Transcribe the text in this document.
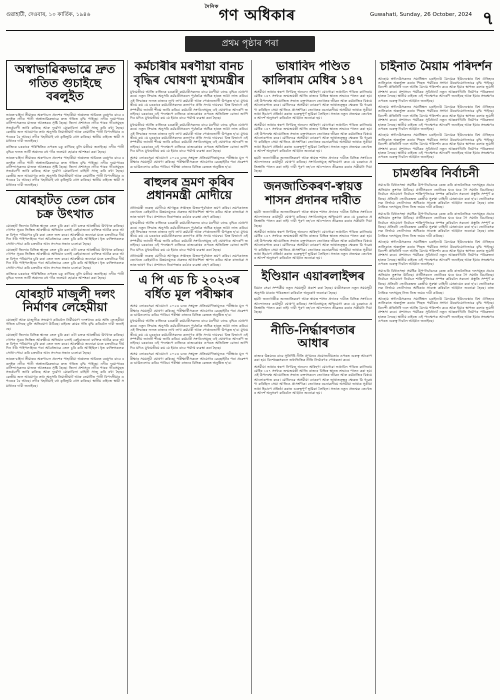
গুৱাহাটী, দেওবাৰ, ১০ কাৰ্তিক, ১৯৪৬
$^{দৈনিক}$গণ অধিকাৰ	Guwahati, Sunday, 26 October, 2024 ৭
প্ৰথম পৃষ্ঠাৰ পৰা
অস্বাভাৱিকভাৱে দ্ৰুত গতিত গুচাইছে বৰলুইত

ভাৰত-চাইনা সীমান্তৰ অৰুণাচল প্ৰদেশৰ পাহাৰীয়া অঞ্চলত অবিৰত বৰষুণৰ বাবে বৰলুইত নদীৰ পানী অস্বাভাৱিকভাৱে দ্ৰুত গতিত বৃদ্ধি পাইছে। নদীৰ দুয়োপাৰৰ বাসিন্দাসকলৰ মাজত আতংকৰ সৃষ্টি হৈছে। জিলা প্ৰশাসনে নদীৰ পাৰৰ গাঁওসমূহত সতৰ্কবাণী জাৰি কৰিছে আৰু দুৰ্যোগ মোকাবিলা বাহিনী সাজু কৰি ৰখা হৈছে। কেন্দ্ৰীয় জল আয়োগৰ তথ্য অনুসৰি নিমাতীঘাট আৰু নেমাটিত পানী বিপদসীমাৰ ওপৰেৰে বৈ আছে। নদীৰ খহনীয়াই বহু কৃষিভূমি গ্ৰাস কৰিছে। স্থানীয় ৰাইজে স্থায়ী সমাধানৰ দাবী জনাইছে।

ৰাজ্যিক চৰকাৰে পৰিস্থিতিৰ ওপৰত চকু ৰাখিছে বুলি মন্ত্ৰীয়ে জনাইছে। নদীৰ পানী বৃদ্ধিৰ ফলত ভাটি অঞ্চলৰ বহু গাঁও জলমগ্ন হোৱাৰ আশংকা কৰা হৈছে।

ভাৰত-চাইনা সীমান্তৰ অৰুণাচল প্ৰদেশৰ পাহাৰীয়া অঞ্চলত অবিৰত বৰষুণৰ বাবে বৰলুইত নদীৰ পানী অস্বাভাৱিকভাৱে দ্ৰুত গতিত বৃদ্ধি পাইছে। নদীৰ দুয়োপাৰৰ বাসিন্দাসকলৰ মাজত আতংকৰ সৃষ্টি হৈছে। জিলা প্ৰশাসনে নদীৰ পাৰৰ গাঁওসমূহত সতৰ্কবাণী জাৰি কৰিছে আৰু দুৰ্যোগ মোকাবিলা বাহিনী সাজু কৰি ৰখা হৈছে। কেন্দ্ৰীয় জল আয়োগৰ তথ্য অনুসৰি নিমাতীঘাট আৰু নেমাটিত পানী বিপদসীমাৰ ওপৰেৰে বৈ আছে। নদীৰ খহনীয়াই বহু কৃষিভূমি গ্ৰাস কৰিছে। স্থানীয় ৰাইজে স্থায়ী সমাধানৰ দাবী জনাইছে।

যোৰহাটত তেল চোৰ চক্ৰ উৎখাত

যোৰহাট জিলাৰ বিভিন্ন স্থানত তেল চুৰি কৰা এটা চক্ৰক আৰক্ষীয়ে উৎখাত কৰিছে। গোপন সূত্ৰৰ ভিত্তিত আৰক্ষীয়ে অভিযান চলাই কেইবাজনো ব্যক্তিক আটক কৰে আৰু বিপুল পৰিমাণৰ চুৰি কৰা তেল জব্দ কৰে। আৰক্ষীয়ে জনোৱা মতে চক্ৰটোৱে দীৰ্ঘদিন ধৰি পাইপলাইনৰ পৰা অবৈধভাৱে তেল চুৰি কৰি আহিছিল। ধৃত ব্যক্তিসকলক সোধা-পোচা কৰি চক্ৰটোৰ আন সদস্যৰ সন্ধান চলোৱা হৈছে।

যোৰহাট জিলাৰ বিভিন্ন স্থানত তেল চুৰি কৰা এটা চক্ৰক আৰক্ষীয়ে উৎখাত কৰিছে। গোপন সূত্ৰৰ ভিত্তিত আৰক্ষীয়ে অভিযান চলাই কেইবাজনো ব্যক্তিক আটক কৰে আৰু বিপুল পৰিমাণৰ চুৰি কৰা তেল জব্দ কৰে। আৰক্ষীয়ে জনোৱা মতে চক্ৰটোৱে দীৰ্ঘদিন ধৰি পাইপলাইনৰ পৰা অবৈধভাৱে তেল চুৰি কৰি আহিছিল। ধৃত ব্যক্তিসকলক সোধা-পোচা কৰি চক্ৰটোৰ আন সদস্যৰ সন্ধান চলোৱা হৈছে।

ৰাজ্যিক চৰকাৰে পৰিস্থিতিৰ ওপৰত চকু ৰাখিছে বুলি মন্ত্ৰীয়ে জনাইছে। নদীৰ পানী বৃদ্ধিৰ ফলত ভাটি অঞ্চলৰ বহু গাঁও জলমগ্ন হোৱাৰ আশংকা কৰা হৈছে।

যোৰহাট মাজুলী দলং নিৰ্মাণৰ লেহেমীয়া

যোৰহাট আৰু মাজুলীক সংযোগ কৰিবলৈ নিৰ্মীয়মাণ দলংখনৰ কাম অতি লেহেমীয়া গতিত চলিছে বুলি অভিযোগ উঠিছে। ৰাইজে কামৰ গতি বৃদ্ধি কৰিবলৈ দাবী জনাইছে।

যোৰহাট জিলাৰ বিভিন্ন স্থানত তেল চুৰি কৰা এটা চক্ৰক আৰক্ষীয়ে উৎখাত কৰিছে। গোপন সূত্ৰৰ ভিত্তিত আৰক্ষীয়ে অভিযান চলাই কেইবাজনো ব্যক্তিক আটক কৰে আৰু বিপুল পৰিমাণৰ চুৰি কৰা তেল জব্দ কৰে। আৰক্ষীয়ে জনোৱা মতে চক্ৰটোৱে দীৰ্ঘদিন ধৰি পাইপলাইনৰ পৰা অবৈধভাৱে তেল চুৰি কৰি আহিছিল। ধৃত ব্যক্তিসকলক সোধা-পোচা কৰি চক্ৰটোৰ আন সদস্যৰ সন্ধান চলোৱা হৈছে।

ভাৰত-চাইনা সীমান্তৰ অৰুণাচল প্ৰদেশৰ পাহাৰীয়া অঞ্চলত অবিৰত বৰষুণৰ বাবে বৰলুইত নদীৰ পানী অস্বাভাৱিকভাৱে দ্ৰুত গতিত বৃদ্ধি পাইছে। নদীৰ দুয়োপাৰৰ বাসিন্দাসকলৰ মাজত আতংকৰ সৃষ্টি হৈছে। জিলা প্ৰশাসনে নদীৰ পাৰৰ গাঁওসমূহত সতৰ্কবাণী জাৰি কৰিছে আৰু দুৰ্যোগ মোকাবিলা বাহিনী সাজু কৰি ৰখা হৈছে। কেন্দ্ৰীয় জল আয়োগৰ তথ্য অনুসৰি নিমাতীঘাট আৰু নেমাটিত পানী বিপদসীমাৰ ওপৰেৰে বৈ আছে। নদীৰ খহনীয়াই বহু কৃষিভূমি গ্ৰাস কৰিছে। স্থানীয় ৰাইজে স্থায়ী সমাধানৰ দাবী জনাইছে।

কৰ্মচাৰীৰ মৰণীয়া বানচ বৃদ্ধিৰ ঘোষণা মুখ্যমন্ত্ৰীৰ

মুখ্যমন্ত্ৰীয়ে আজি ৰাজ্যিক চৰকাৰী কৰ্মচাৰীসকলৰ বাবে মৰণীয়া বানচ বৃদ্ধিৰ ঘোষণা কৰে। নতুন সিদ্ধান্ত অনুসৰি কৰ্মচাৰীসকলে পূৰ্বতকৈ অধিক হাৰত ভাট্টা লাভ কৰিব। এই সিদ্ধান্তৰ ফলত ৰাজ্যৰ লাখ লাখ কৰ্মচাৰী আৰু পেঞ্চনভোগী উপকৃত হ'ব। মুখ্যমন্ত্ৰীয়ে কয় যে চৰকাৰে কৰ্মচাৰীসকলৰ কল্যাণৰ প্ৰতি সদায় দায়বদ্ধ। বিত্ত বিভাগে এই সম্পৰ্কীয় জাননী শীঘ্ৰে জাৰি কৰিব। কৰ্মচাৰী সংগঠনসমূহে এই ঘোষণাক আদৰণি জনাইছে। চৰকাৰৰ এই পদক্ষেপে ৰাজ্যিক ৰাজকোষৰ ওপৰত অতিৰিক্ত বোজা জাপি দিব যদিও মুখ্যমন্ত্ৰীয়ে কয় যে ইয়াৰ বাবে পৰ্যাপ্ত ব্যৱস্থা কৰা হৈছে।

মুখ্যমন্ত্ৰীয়ে আজি ৰাজ্যিক চৰকাৰী কৰ্মচাৰীসকলৰ বাবে মৰণীয়া বানচ বৃদ্ধিৰ ঘোষণা কৰে। নতুন সিদ্ধান্ত অনুসৰি কৰ্মচাৰীসকলে পূৰ্বতকৈ অধিক হাৰত ভাট্টা লাভ কৰিব। এই সিদ্ধান্তৰ ফলত ৰাজ্যৰ লাখ লাখ কৰ্মচাৰী আৰু পেঞ্চনভোগী উপকৃত হ'ব। মুখ্যমন্ত্ৰীয়ে কয় যে চৰকাৰে কৰ্মচাৰীসকলৰ কল্যাণৰ প্ৰতি সদায় দায়বদ্ধ। বিত্ত বিভাগে এই সম্পৰ্কীয় জাননী শীঘ্ৰে জাৰি কৰিব। কৰ্মচাৰী সংগঠনসমূহে এই ঘোষণাক আদৰণি জনাইছে। চৰকাৰৰ এই পদক্ষেপে ৰাজ্যিক ৰাজকোষৰ ওপৰত অতিৰিক্ত বোজা জাপি দিব যদিও মুখ্যমন্ত্ৰীয়ে কয় যে ইয়াৰ বাবে পৰ্যাপ্ত ব্যৱস্থা কৰা হৈছে।

অসম লোকসেৱা আয়োগে ২০২৩ চনৰ সংযুক্ত প্ৰতিযোগিতামূলক পৰীক্ষাৰ মূল পৰীক্ষাৰ সময়সূচী ঘোষণা কৰিছে। পৰীক্ষাৰ্থীসকলে আয়োগৰ ৱেবছাইটৰ পৰা প্ৰৱেশপত্ৰ ডাউনলোড কৰিব পাৰিব। পৰীক্ষা ৰাজ্যৰ বিভিন্ন কেন্দ্ৰত অনুষ্ঠিত হ'ব।

ৰাহুলৰ ভ্ৰমণ কৰিব প্ৰধানমন্ত্ৰী মোদীয়ে

প্ৰধানমন্ত্ৰী নৰেন্দ্ৰ মোদীয়ে আগন্তুক সপ্তাহত উত্তৰ-পূৰ্বাঞ্চল ভ্ৰমণ কৰিব। ভ্ৰমণকালত তেখেতে কেইবাটাও উন্নয়নমূলক প্ৰকল্পৰ আধাৰশিলা স্থাপন কৰিব আৰু ৰাজহুৱা সভাত ভাষণ দিব। প্ৰশাসনে নিৰাপত্তাৰ কঠোৰ ব্যৱস্থা গ্ৰহণ কৰিছে।

মুখ্যমন্ত্ৰীয়ে আজি ৰাজ্যিক চৰকাৰী কৰ্মচাৰীসকলৰ বাবে মৰণীয়া বানচ বৃদ্ধিৰ ঘোষণা কৰে। নতুন সিদ্ধান্ত অনুসৰি কৰ্মচাৰীসকলে পূৰ্বতকৈ অধিক হাৰত ভাট্টা লাভ কৰিব। এই সিদ্ধান্তৰ ফলত ৰাজ্যৰ লাখ লাখ কৰ্মচাৰী আৰু পেঞ্চনভোগী উপকৃত হ'ব। মুখ্যমন্ত্ৰীয়ে কয় যে চৰকাৰে কৰ্মচাৰীসকলৰ কল্যাণৰ প্ৰতি সদায় দায়বদ্ধ। বিত্ত বিভাগে এই সম্পৰ্কীয় জাননী শীঘ্ৰে জাৰি কৰিব। কৰ্মচাৰী সংগঠনসমূহে এই ঘোষণাক আদৰণি জনাইছে। চৰকাৰৰ এই পদক্ষেপে ৰাজ্যিক ৰাজকোষৰ ওপৰত অতিৰিক্ত বোজা জাপি দিব যদিও মুখ্যমন্ত্ৰীয়ে কয় যে ইয়াৰ বাবে পৰ্যাপ্ত ব্যৱস্থা কৰা হৈছে।

প্ৰধানমন্ত্ৰী নৰেন্দ্ৰ মোদীয়ে আগন্তুক সপ্তাহত উত্তৰ-পূৰ্বাঞ্চল ভ্ৰমণ কৰিব। ভ্ৰমণকালত তেখেতে কেইবাটাও উন্নয়নমূলক প্ৰকল্পৰ আধাৰশিলা স্থাপন কৰিব আৰু ৰাজহুৱা সভাত ভাষণ দিব। প্ৰশাসনে নিৰাপত্তাৰ কঠোৰ ব্যৱস্থা গ্ৰহণ কৰিছে।

এ পি এচ চি ২০২৩ৰ বৰ্ধিত মূল পৰীক্ষাৰ

অসম লোকসেৱা আয়োগে ২০২৩ চনৰ সংযুক্ত প্ৰতিযোগিতামূলক পৰীক্ষাৰ মূল পৰীক্ষাৰ সময়সূচী ঘোষণা কৰিছে। পৰীক্ষাৰ্থীসকলে আয়োগৰ ৱেবছাইটৰ পৰা প্ৰৱেশপত্ৰ ডাউনলোড কৰিব পাৰিব। পৰীক্ষা ৰাজ্যৰ বিভিন্ন কেন্দ্ৰত অনুষ্ঠিত হ'ব।

মুখ্যমন্ত্ৰীয়ে আজি ৰাজ্যিক চৰকাৰী কৰ্মচাৰীসকলৰ বাবে মৰণীয়া বানচ বৃদ্ধিৰ ঘোষণা কৰে। নতুন সিদ্ধান্ত অনুসৰি কৰ্মচাৰীসকলে পূৰ্বতকৈ অধিক হাৰত ভাট্টা লাভ কৰিব। এই সিদ্ধান্তৰ ফলত ৰাজ্যৰ লাখ লাখ কৰ্মচাৰী আৰু পেঞ্চনভোগী উপকৃত হ'ব। মুখ্যমন্ত্ৰীয়ে কয় যে চৰকাৰে কৰ্মচাৰীসকলৰ কল্যাণৰ প্ৰতি সদায় দায়বদ্ধ। বিত্ত বিভাগে এই সম্পৰ্কীয় জাননী শীঘ্ৰে জাৰি কৰিব। কৰ্মচাৰী সংগঠনসমূহে এই ঘোষণাক আদৰণি জনাইছে। চৰকাৰৰ এই পদক্ষেপে ৰাজ্যিক ৰাজকোষৰ ওপৰত অতিৰিক্ত বোজা জাপি দিব যদিও মুখ্যমন্ত্ৰীয়ে কয় যে ইয়াৰ বাবে পৰ্যাপ্ত ব্যৱস্থা কৰা হৈছে।

অসম লোকসেৱা আয়োগে ২০২৩ চনৰ সংযুক্ত প্ৰতিযোগিতামূলক পৰীক্ষাৰ মূল পৰীক্ষাৰ সময়সূচী ঘোষণা কৰিছে। পৰীক্ষাৰ্থীসকলে আয়োগৰ ৱেবছাইটৰ পৰা প্ৰৱেশপত্ৰ ডাউনলোড কৰিব পাৰিব। পৰীক্ষা ৰাজ্যৰ বিভিন্ন কেন্দ্ৰত অনুষ্ঠিত হ'ব।

ভাষাবিদ পণ্ডিত কালিৰাম মেধিৰ ১৪৭

অসমীয়া ভাষাৰ স্বৰূপ নিৰ্ণয়ত অনবদ্য অৰিহণা যোগোৱা ভাষাবিদ পণ্ডিত কালিৰাম মেধিৰ ১৪৭ সংখ্যক জন্মজয়ন্তী আজি ৰাজ্যৰ বিভিন্ন স্থানত শ্ৰদ্ধাৰে পালন কৰা হয়। এই উপলক্ষে আয়োজিত সভাত বক্তাসকলে তেখেতৰ জীৱন আৰু কৰ্মৰাজিৰ বিষয়ে আলোকপাত কৰে। মেধিদেৱে অসমীয়া ব্যাকৰণ আৰু ভাষাতত্ত্বৰ ক্ষেত্ৰত যি গৱেষণা কৰিছিল সেয়া আজিও প্ৰাসংগিক। তেখেতৰ ৰচনাৱলীয়ে অসমীয়া ভাষাক সুকীয়া ভাষা হিচাপে প্ৰতিষ্ঠা কৰাত গুৰুত্বপূৰ্ণ ভূমিকা লৈছিল। সভাত নতুন প্ৰজন্মক তেখেতৰ আদৰ্শ অনুসৰণ কৰিবলৈ আহ্বান জনোৱা হয়।

অসমীয়া ভাষাৰ স্বৰূপ নিৰ্ণয়ত অনবদ্য অৰিহণা যোগোৱা ভাষাবিদ পণ্ডিত কালিৰাম মেধিৰ ১৪৭ সংখ্যক জন্মজয়ন্তী আজি ৰাজ্যৰ বিভিন্ন স্থানত শ্ৰদ্ধাৰে পালন কৰা হয়। এই উপলক্ষে আয়োজিত সভাত বক্তাসকলে তেখেতৰ জীৱন আৰু কৰ্মৰাজিৰ বিষয়ে আলোকপাত কৰে। মেধিদেৱে অসমীয়া ব্যাকৰণ আৰু ভাষাতত্ত্বৰ ক্ষেত্ৰত যি গৱেষণা কৰিছিল সেয়া আজিও প্ৰাসংগিক। তেখেতৰ ৰচনাৱলীয়ে অসমীয়া ভাষাক সুকীয়া ভাষা হিচাপে প্ৰতিষ্ঠা কৰাত গুৰুত্বপূৰ্ণ ভূমিকা লৈছিল। সভাত নতুন প্ৰজন্মক তেখেতৰ আদৰ্শ অনুসৰণ কৰিবলৈ আহ্বান জনোৱা হয়।

ছয়টা জনগোষ্ঠীক জনজাতিকৰণ আৰু স্বায়ত্ত শাসন প্ৰদানৰ দাবীত বিভিন্ন সংগঠনে আন্দোলনৰ কাৰ্যসূচী ঘোষণা কৰিছে। সংগঠনসমূহে অভিযোগ কৰে যে চৰকাৰে প্ৰতিশ্ৰুতি পালন কৰা নাই। দাবী পূৰণ নহ'লে আন্দোলন তীব্ৰতৰ কৰাৰ সকীয়নি দিয়া হৈছে।

জনজাতিকৰণ-স্বায়ত্ত শাসন প্ৰদানৰ দাবীত

ছয়টা জনগোষ্ঠীক জনজাতিকৰণ আৰু স্বায়ত্ত শাসন প্ৰদানৰ দাবীত বিভিন্ন সংগঠনে আন্দোলনৰ কাৰ্যসূচী ঘোষণা কৰিছে। সংগঠনসমূহে অভিযোগ কৰে যে চৰকাৰে প্ৰতিশ্ৰুতি পালন কৰা নাই। দাবী পূৰণ নহ'লে আন্দোলন তীব্ৰতৰ কৰাৰ সকীয়নি দিয়া হৈছে।

অসমীয়া ভাষাৰ স্বৰূপ নিৰ্ণয়ত অনবদ্য অৰিহণা যোগোৱা ভাষাবিদ পণ্ডিত কালিৰাম মেধিৰ ১৪৭ সংখ্যক জন্মজয়ন্তী আজি ৰাজ্যৰ বিভিন্ন স্থানত শ্ৰদ্ধাৰে পালন কৰা হয়। এই উপলক্ষে আয়োজিত সভাত বক্তাসকলে তেখেতৰ জীৱন আৰু কৰ্মৰাজিৰ বিষয়ে আলোকপাত কৰে। মেধিদেৱে অসমীয়া ব্যাকৰণ আৰু ভাষাতত্ত্বৰ ক্ষেত্ৰত যি গৱেষণা কৰিছিল সেয়া আজিও প্ৰাসংগিক। তেখেতৰ ৰচনাৱলীয়ে অসমীয়া ভাষাক সুকীয়া ভাষা হিচাপে প্ৰতিষ্ঠা কৰাত গুৰুত্বপূৰ্ণ ভূমিকা লৈছিল। সভাত নতুন প্ৰজন্মক তেখেতৰ আদৰ্শ অনুসৰণ কৰিবলৈ আহ্বান জনোৱা হয়।

ইণ্ডিয়ান এয়াৰলাইন্সৰ

বিমান সেৱা সম্পৰ্কীয় নতুন সময়সূচী প্ৰকাশ কৰা হৈছে। যাত্ৰীসকলে নতুন সময়সূচী অনুসৰি যাত্ৰাৰ পৰিকল্পনা কৰিবলৈ অনুৰোধ জনোৱা হৈছে।

ছয়টা জনগোষ্ঠীক জনজাতিকৰণ আৰু স্বায়ত্ত শাসন প্ৰদানৰ দাবীত বিভিন্ন সংগঠনে আন্দোলনৰ কাৰ্যসূচী ঘোষণা কৰিছে। সংগঠনসমূহে অভিযোগ কৰে যে চৰকাৰে প্ৰতিশ্ৰুতি পালন কৰা নাই। দাবী পূৰণ নহ'লে আন্দোলন তীব্ৰতৰ কৰাৰ সকীয়নি দিয়া হৈছে।

নীতি-নিৰ্দ্ধাৰণতাৰ আধাৰ

ৰাজ্যৰ উন্নয়নৰ বাবে সুনিৰ্দিষ্ট নীতি প্ৰণয়নৰ প্ৰয়োজনীয়তাৰ ওপৰত গুৰুত্ব আৰোপ কৰা হয়। বিশেষজ্ঞসকলে তথ্যভিত্তিক নীতি নিৰ্দ্ধাৰণৰ পোষকতা কৰে।

অসমীয়া ভাষাৰ স্বৰূপ নিৰ্ণয়ত অনবদ্য অৰিহণা যোগোৱা ভাষাবিদ পণ্ডিত কালিৰাম মেধিৰ ১৪৭ সংখ্যক জন্মজয়ন্তী আজি ৰাজ্যৰ বিভিন্ন স্থানত শ্ৰদ্ধাৰে পালন কৰা হয়। এই উপলক্ষে আয়োজিত সভাত বক্তাসকলে তেখেতৰ জীৱন আৰু কৰ্মৰাজিৰ বিষয়ে আলোকপাত কৰে। মেধিদেৱে অসমীয়া ব্যাকৰণ আৰু ভাষাতত্ত্বৰ ক্ষেত্ৰত যি গৱেষণা কৰিছিল সেয়া আজিও প্ৰাসংগিক। তেখেতৰ ৰচনাৱলীয়ে অসমীয়া ভাষাক সুকীয়া ভাষা হিচাপে প্ৰতিষ্ঠা কৰাত গুৰুত্বপূৰ্ণ ভূমিকা লৈছিল। সভাত নতুন প্ৰজন্মক তেখেতৰ আদৰ্শ অনুসৰণ কৰিবলৈ আহ্বান জনোৱা হয়।

চাইনাত মৈয়াম পৰিদৰ্শন

আহোম স্বৰ্গদেউসকলৰ সমাধিস্থল চৰাইদেউ মৈদামক ইউনেস্কোৰ বিশ্ব ঐতিহ্যৰ তালিকাত অন্তৰ্ভুক্ত কৰাৰ পিছত পৰ্যটকৰ সংখ্যা উল্লেখযোগ্যভাৱে বৃদ্ধি পাইছে। বিদেশী প্ৰতিনিধি দলে আজি মৈদাম পৰিদৰ্শন কৰে আৰু ইয়াৰ স্থাপত্য কলাৰ ভূয়সী প্ৰশংসা কৰে। প্ৰশাসনে পৰ্যটকৰ সুবিধাৰ্থে নতুন আন্তঃগাঁথনি নিৰ্মাণৰ পৰিকল্পনা হাতত লৈছে। স্থানীয় ৰাইজে এই পদক্ষেপক আদৰণি জনাইছে আৰু ইয়াৰ সংৰক্ষণৰ ওপৰত গুৰুত্ব দিবলৈ আহ্বান জনাইছে।

আহোম স্বৰ্গদেউসকলৰ সমাধিস্থল চৰাইদেউ মৈদামক ইউনেস্কোৰ বিশ্ব ঐতিহ্যৰ তালিকাত অন্তৰ্ভুক্ত কৰাৰ পিছত পৰ্যটকৰ সংখ্যা উল্লেখযোগ্যভাৱে বৃদ্ধি পাইছে। বিদেশী প্ৰতিনিধি দলে আজি মৈদাম পৰিদৰ্শন কৰে আৰু ইয়াৰ স্থাপত্য কলাৰ ভূয়সী প্ৰশংসা কৰে। প্ৰশাসনে পৰ্যটকৰ সুবিধাৰ্থে নতুন আন্তঃগাঁথনি নিৰ্মাণৰ পৰিকল্পনা হাতত লৈছে। স্থানীয় ৰাইজে এই পদক্ষেপক আদৰণি জনাইছে আৰু ইয়াৰ সংৰক্ষণৰ ওপৰত গুৰুত্ব দিবলৈ আহ্বান জনাইছে।

আহোম স্বৰ্গদেউসকলৰ সমাধিস্থল চৰাইদেউ মৈদামক ইউনেস্কোৰ বিশ্ব ঐতিহ্যৰ তালিকাত অন্তৰ্ভুক্ত কৰাৰ পিছত পৰ্যটকৰ সংখ্যা উল্লেখযোগ্যভাৱে বৃদ্ধি পাইছে। বিদেশী প্ৰতিনিধি দলে আজি মৈদাম পৰিদৰ্শন কৰে আৰু ইয়াৰ স্থাপত্য কলাৰ ভূয়সী প্ৰশংসা কৰে। প্ৰশাসনে পৰ্যটকৰ সুবিধাৰ্থে নতুন আন্তঃগাঁথনি নিৰ্মাণৰ পৰিকল্পনা হাতত লৈছে। স্থানীয় ৰাইজে এই পদক্ষেপক আদৰণি জনাইছে আৰু ইয়াৰ সংৰক্ষণৰ ওপৰত গুৰুত্ব দিবলৈ আহ্বান জনাইছে।

চামগুৰিৰ নিৰ্বাচনী

সমাগুৰি বিধানসভা সমষ্টিৰ উপ-নিৰ্বাচনক কেন্দ্ৰ কৰি ৰাজনৈতিক দলসমূহৰ প্ৰচাৰ অভিযান তুংগত উঠিছে। প্ৰাৰ্থীসকলে ভোটাৰৰ ঘৰে ঘৰে গৈ সমৰ্থন বিচাৰিছে। নিৰ্বাচন আয়োগে নিৰ্বাচন শান্তিপূৰ্ণভাৱে সম্পন্ন কৰিবলৈ সকলো প্ৰস্তুতি সম্পূৰ্ণ কৰিছে। প্ৰতিটো ভোটকেন্দ্ৰত কেন্দ্ৰীয় সুৰক্ষা বাহিনী মোতায়েন কৰা হ'ব। ভোটাৰসকলক নিৰ্ভয়ে ভোটদানৰ অধিকাৰ সাব্যস্ত কৰিবলৈ আহ্বান জনোৱা হৈছে। ৰাজনৈতিক দলসমূহে নিজ নিজ জয়ৰ দাবী কৰিছে।

সমাগুৰি বিধানসভা সমষ্টিৰ উপ-নিৰ্বাচনক কেন্দ্ৰ কৰি ৰাজনৈতিক দলসমূহৰ প্ৰচাৰ অভিযান তুংগত উঠিছে। প্ৰাৰ্থীসকলে ভোটাৰৰ ঘৰে ঘৰে গৈ সমৰ্থন বিচাৰিছে। নিৰ্বাচন আয়োগে নিৰ্বাচন শান্তিপূৰ্ণভাৱে সম্পন্ন কৰিবলৈ সকলো প্ৰস্তুতি সম্পূৰ্ণ কৰিছে। প্ৰতিটো ভোটকেন্দ্ৰত কেন্দ্ৰীয় সুৰক্ষা বাহিনী মোতায়েন কৰা হ'ব। ভোটাৰসকলক নিৰ্ভয়ে ভোটদানৰ অধিকাৰ সাব্যস্ত কৰিবলৈ আহ্বান জনোৱা হৈছে। ৰাজনৈতিক দলসমূহে নিজ নিজ জয়ৰ দাবী কৰিছে।

আহোম স্বৰ্গদেউসকলৰ সমাধিস্থল চৰাইদেউ মৈদামক ইউনেস্কোৰ বিশ্ব ঐতিহ্যৰ তালিকাত অন্তৰ্ভুক্ত কৰাৰ পিছত পৰ্যটকৰ সংখ্যা উল্লেখযোগ্যভাৱে বৃদ্ধি পাইছে। বিদেশী প্ৰতিনিধি দলে আজি মৈদাম পৰিদৰ্শন কৰে আৰু ইয়াৰ স্থাপত্য কলাৰ ভূয়সী প্ৰশংসা কৰে। প্ৰশাসনে পৰ্যটকৰ সুবিধাৰ্থে নতুন আন্তঃগাঁথনি নিৰ্মাণৰ পৰিকল্পনা হাতত লৈছে। স্থানীয় ৰাইজে এই পদক্ষেপক আদৰণি জনাইছে আৰু ইয়াৰ সংৰক্ষণৰ ওপৰত গুৰুত্ব দিবলৈ আহ্বান জনাইছে।

সমাগুৰি বিধানসভা সমষ্টিৰ উপ-নিৰ্বাচনক কেন্দ্ৰ কৰি ৰাজনৈতিক দলসমূহৰ প্ৰচাৰ অভিযান তুংগত উঠিছে। প্ৰাৰ্থীসকলে ভোটাৰৰ ঘৰে ঘৰে গৈ সমৰ্থন বিচাৰিছে। নিৰ্বাচন আয়োগে নিৰ্বাচন শান্তিপূৰ্ণভাৱে সম্পন্ন কৰিবলৈ সকলো প্ৰস্তুতি সম্পূৰ্ণ কৰিছে। প্ৰতিটো ভোটকেন্দ্ৰত কেন্দ্ৰীয় সুৰক্ষা বাহিনী মোতায়েন কৰা হ'ব। ভোটাৰসকলক নিৰ্ভয়ে ভোটদানৰ অধিকাৰ সাব্যস্ত কৰিবলৈ আহ্বান জনোৱা হৈছে। ৰাজনৈতিক দলসমূহে নিজ নিজ জয়ৰ দাবী কৰিছে।

আহোম স্বৰ্গদেউসকলৰ সমাধিস্থল চৰাইদেউ মৈদামক ইউনেস্কোৰ বিশ্ব ঐতিহ্যৰ তালিকাত অন্তৰ্ভুক্ত কৰাৰ পিছত পৰ্যটকৰ সংখ্যা উল্লেখযোগ্যভাৱে বৃদ্ধি পাইছে। বিদেশী প্ৰতিনিধি দলে আজি মৈদাম পৰিদৰ্শন কৰে আৰু ইয়াৰ স্থাপত্য কলাৰ ভূয়সী প্ৰশংসা কৰে। প্ৰশাসনে পৰ্যটকৰ সুবিধাৰ্থে নতুন আন্তঃগাঁথনি নিৰ্মাণৰ পৰিকল্পনা হাতত লৈছে। স্থানীয় ৰাইজে এই পদক্ষেপক আদৰণি জনাইছে আৰু ইয়াৰ সংৰক্ষণৰ ওপৰত গুৰুত্ব দিবলৈ আহ্বান জনাইছে।
